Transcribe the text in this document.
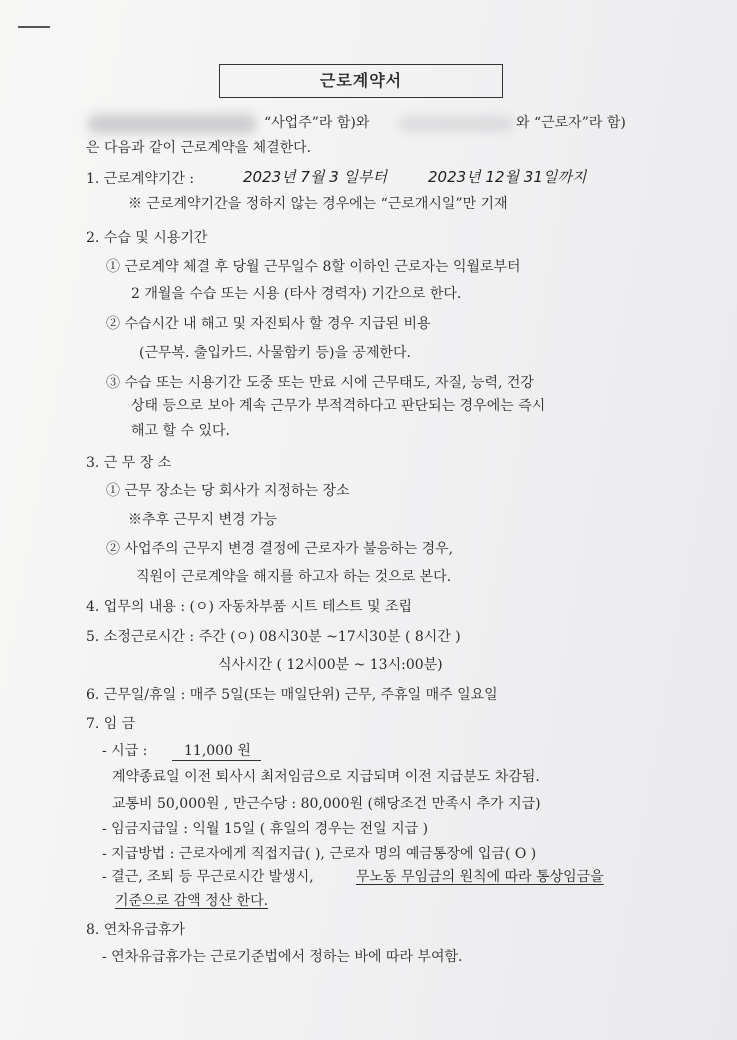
근로계약서
“사업주”라 함)와	와 “근로자”라 함)
은 다음과 같이 근로계약을 체결한다.
1. 근로계약기간 :	2023년 7월 3 일부터	2023년 12월 31일까지
※ 근로계약기간을 정하지 않는 경우에는 “근로개시일”만 기재
2. 수습 및 시용기간
① 근로계약 체결 후 당월 근무일수 8할 이하인 근로자는 익월로부터
2 개월을 수습 또는 시용 (타사 경력자) 기간으로 한다.
② 수습시간 내 해고 및 자진퇴사 할 경우 지급된 비용
(근무복. 출입카드. 사물함키 등)을 공제한다.
③ 수습 또는 시용기간 도중 또는 만료 시에 근무태도, 자질, 능력, 건강
상태 등으로 보아 계속 근무가 부적격하다고 판단되는 경우에는 즉시
해고 할 수 있다.
3. 근 무 장 소
① 근무 장소는 당 회사가 지정하는 장소
※추후 근무지 변경 가능
② 사업주의 근무지 변경 결정에 근로자가 불응하는 경우,
직원이 근로계약을 해지를 하고자 하는 것으로 본다.
4. 업무의 내용 : (ㅇ) 자동차부품 시트 테스트 및 조립
5. 소정근로시간 : 주간 (ㅇ) 08시30분 ~17시30분 ( 8시간 )
식사시간 ( 12시00분 ~ 13시:00분)
6. 근무일/휴일 : 매주 5일(또는 매일단위) 근무, 주휴일 매주 일요일
7. 임 금
- 시급 :	11,000 원
계약종료일 이전 퇴사시 최저임금으로 지급되며 이전 지급분도 차감됨.
교통비 50,000원 , 만근수당 : 80,000원 (해당조건 만족시 추가 지급)
- 임금지급일 : 익월 15일 ( 휴일의 경우는 전일 지급 )
- 지급방법 : 근로자에게 직접지급( ), 근로자 명의 예금통장에 입금( O )
- 결근, 조퇴 등 무근로시간 발생시,	무노동 무임금의 원칙에 따라 통상임금을
기준으로 감액 정산 한다.
8. 연차유급휴가
- 연차유급휴가는 근로기준법에서 정하는 바에 따라 부여함.
